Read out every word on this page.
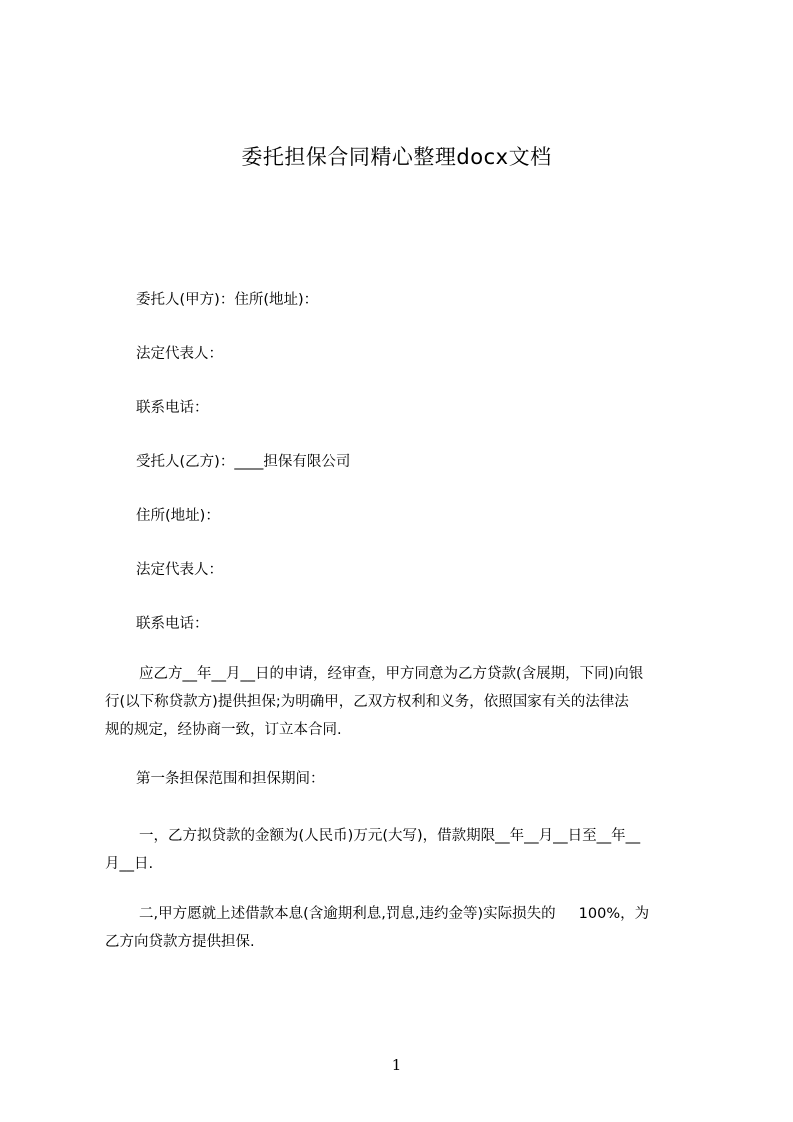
委托担保合同精心整理docx文档
委托人(甲方)：住所(地址)：
法定代表人：
联系电话：
受托人(乙方)：____担保有限公司
住所(地址)：
法定代表人：
联系电话：
应乙方__年__月__日的申请，经审查，甲方同意为乙方贷款(含展期，下同)向银
行(以下称贷款方)提供担保;为明确甲，乙双方权利和义务，依照国家有关的法律法
规的规定，经协商一致，订立本合同.
第一条担保范围和担保期间：
一，乙方拟贷款的金额为(人民币)万元(大写)，借款期限__年__月__日至__年__
月__日.
二,甲方愿就上述借款本息(含逾期利息,罚息,违约金等)实际损失的     100%，为
乙方向贷款方提供担保.
1
